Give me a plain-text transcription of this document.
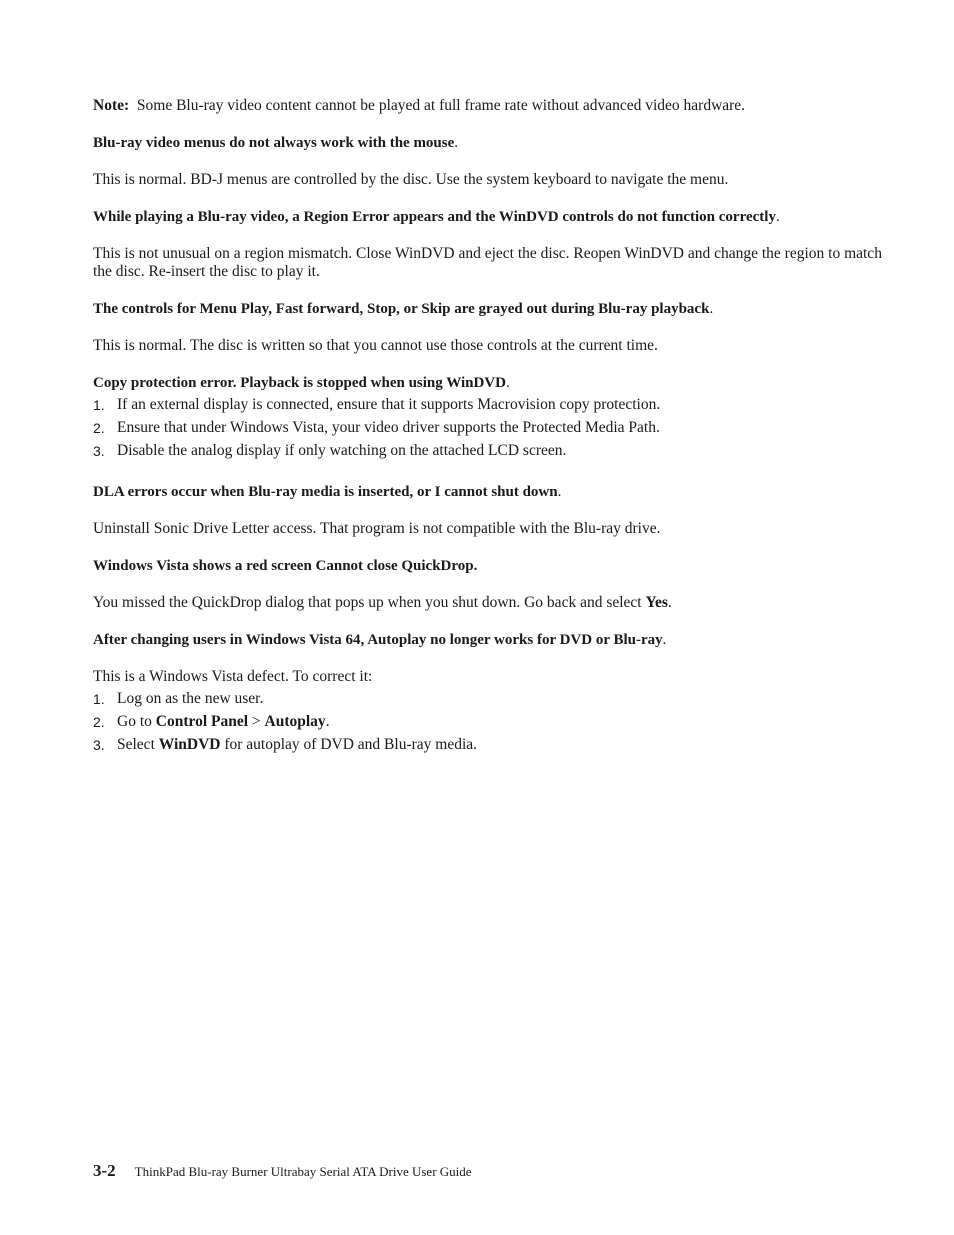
Note: Some Blu-ray video content cannot be played at full frame rate without advanced video hardware.

Blu-ray video menus do not always work with the mouse.

This is normal. BD-J menus are controlled by the disc. Use the system keyboard to navigate the menu.

While playing a Blu-ray video, a Region Error appears and the WinDVD controls do not function correctly.

This is not unusual on a region mismatch. Close WinDVD and eject the disc. Reopen WinDVD and change the region to match the disc. Re-insert the disc to play it.

The controls for Menu Play, Fast forward, Stop, or Skip are grayed out during Blu-ray playback.

This is normal. The disc is written so that you cannot use those controls at the current time.

Copy protection error. Playback is stopped when using WinDVD.

1. If an external display is connected, ensure that it supports Macrovision copy protection.
2. Ensure that under Windows Vista, your video driver supports the Protected Media Path.
3. Disable the analog display if only watching on the attached LCD screen.

DLA errors occur when Blu-ray media is inserted, or I cannot shut down.

Uninstall Sonic Drive Letter access. That program is not compatible with the Blu-ray drive.

Windows Vista shows a red screen Cannot close QuickDrop.

You missed the QuickDrop dialog that pops up when you shut down. Go back and select Yes.

After changing users in Windows Vista 64, Autoplay no longer works for DVD or Blu-ray.

This is a Windows Vista defect. To correct it:

1. Log on as the new user.
2. Go to Control Panel > Autoplay.
3. Select WinDVD for autoplay of DVD and Blu-ray media.
3-2 ThinkPad Blu-ray Burner Ultrabay Serial ATA Drive User Guide
